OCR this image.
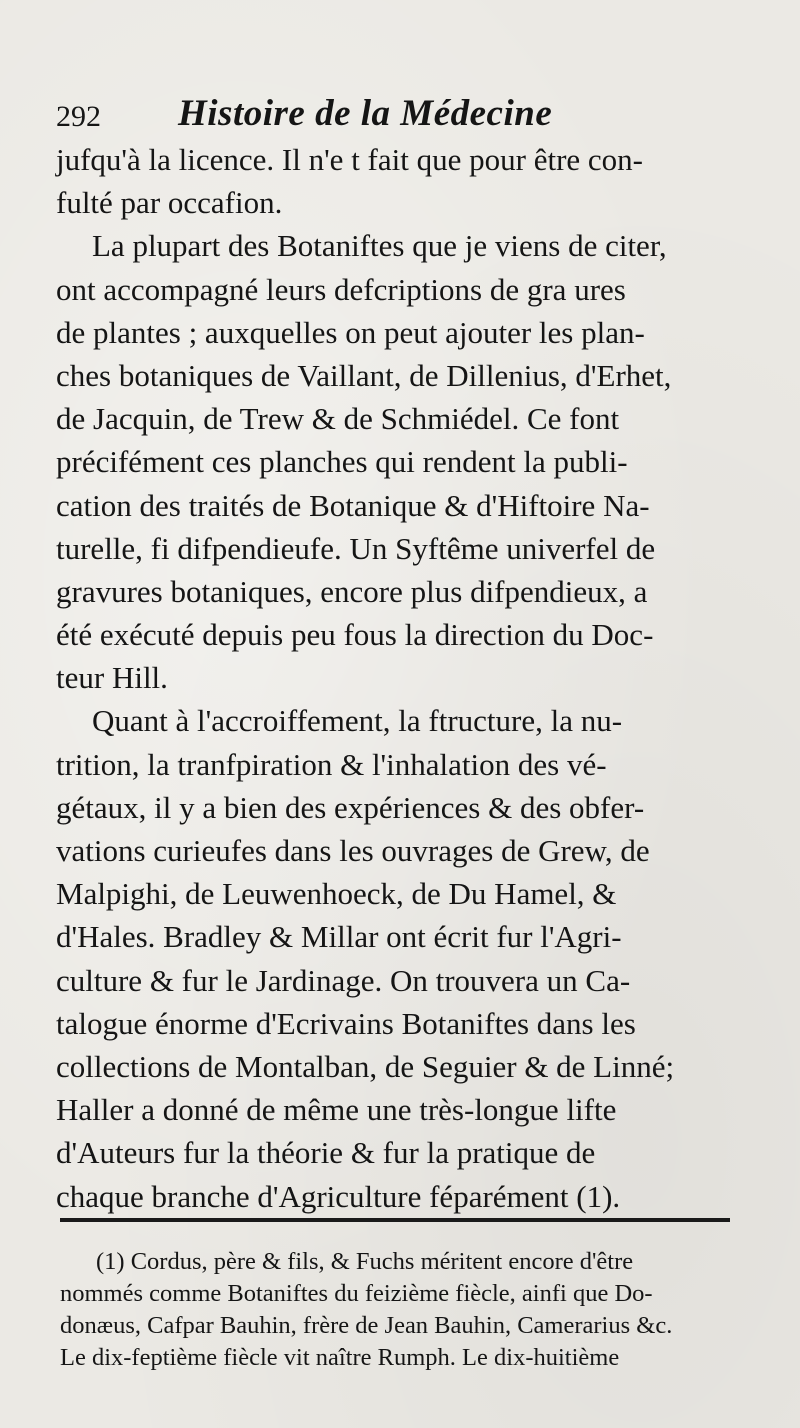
292 Histoire de la Médecine
jufqu'à la licence. Il n'e t fait que pour être con-
fulté par occafion.
La plupart des Botaniftes que je viens de citer,
ont accompagné leurs defcriptions de gra ures
de plantes ; auxquelles on peut ajouter les plan-
ches botaniques de Vaillant, de Dillenius, d'Erhet,
de Jacquin, de Trew & de Schmiédel. Ce font
précifément ces planches qui rendent la publi-
cation des traités de Botanique & d'Hiftoire Na-
turelle, fi difpendieufe. Un Syftême univerfel de
gravures botaniques, encore plus difpendieux, a
été exécuté depuis peu fous la direction du Doc-
teur Hill.
Quant à l'accroiffement, la ftructure, la nu-
trition, la tranfpiration & l'inhalation des vé-
gétaux, il y a bien des expériences & des obfer-
vations curieufes dans les ouvrages de Grew, de
Malpighi, de Leuwenhoeck, de Du Hamel, &
d'Hales. Bradley & Millar ont écrit fur l'Agri-
culture & fur le Jardinage. On trouvera un Ca-
talogue énorme d'Ecrivains Botaniftes dans les
collections de Montalban, de Seguier & de Linné;
Haller a donné de même une très-longue lifte
d'Auteurs fur la théorie & fur la pratique de
chaque branche d'Agriculture féparément (1).
(1) Cordus, père & fils, & Fuchs méritent encore d'être
nommés comme Botaniftes du feizième fiècle, ainfi que Do-
donæus, Cafpar Bauhin, frère de Jean Bauhin, Camerarius &c.
Le dix-feptième fiècle vit naître Rumph. Le dix-huitième
